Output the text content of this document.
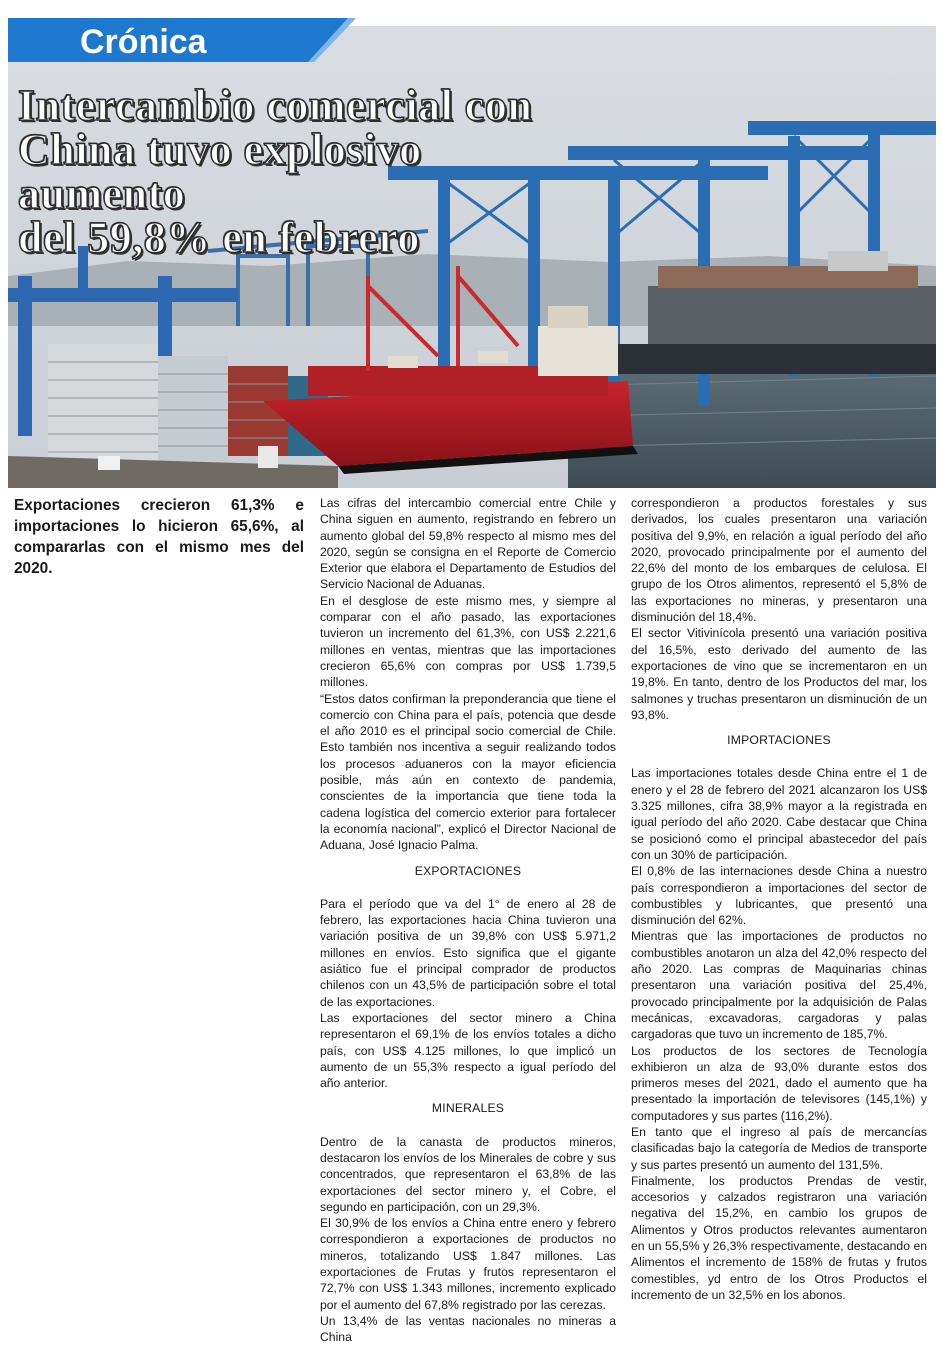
Crónica
Intercambio comercial con
China tuvo explosivo aumento
del 59,8% en febrero

Exportaciones crecieron 61,3% e importaciones lo hicieron 65,6%, al compararlas con el mismo mes del 2020.

Las cifras del intercambio comercial entre Chile y China siguen en aumento, registrando en febrero un aumento global del 59,8% respecto al mismo mes del 2020, según se consigna en el Reporte de Comercio Exterior que elabora el Departamento de Estudios del Servicio Nacional de Aduanas.

En el desglose de este mismo mes, y siempre al comparar con el año pasado, las exportaciones tuvieron un incremento del 61,3%, con US$ 2.221,6 millones en ventas, mientras que las importaciones crecieron 65,6% con compras por US$ 1.739,5 millones.

“Estos datos confirman la preponderancia que tiene el comercio con China para el país, potencia que desde el año 2010 es el principal socio comercial de Chile. Esto también nos incentiva a seguir realizando todos los procesos aduaneros con la mayor eficiencia posible, más aún en contexto de pandemia, conscientes de la importancia que tiene toda la cadena logística del comercio exterior para fortalecer la economía nacional”, explicó el Director Nacional de Aduana, José Ignacio Palma.

EXPORTACIONES

Para el período que va del 1° de enero al 28 de febrero, las exportaciones hacia China tuvieron una variación positiva de un 39,8% con US$ 5.971,2 millones en envíos. Esto significa que el gigante asiático fue el principal comprador de productos chilenos con un 43,5% de participación sobre el total de las exportaciones.

Las exportaciones del sector minero a China representaron el 69,1% de los envíos totales a dicho país, con US$ 4.125 millones, lo que implicó un aumento de un 55,3% respecto a igual período del año anterior.

MINERALES

Dentro de la canasta de productos mineros, destacaron los envíos de los Minerales de cobre y sus concentrados, que representaron el 63,8% de las exportaciones del sector minero y, el Cobre, el segundo en participación, con un 29,3%.

El 30,9% de los envíos a China entre enero y febrero correspondieron a exportaciones de productos no mineros, totalizando US$ 1.847 millones. Las exportaciones de Frutas y frutos representaron el 72,7% con US$ 1.343 millones, incremento explicado por el aumento del 67,8% registrado por las cerezas.

Un 13,4% de las ventas nacionales no mineras a China

correspondieron a productos forestales y sus derivados, los cuales presentaron una variación positiva del 9,9%, en relación a igual período del año 2020, provocado principalmente por el aumento del 22,6% del monto de los embarques de celulosa. El grupo de los Otros alimentos, representó el 5,8% de las exportaciones no mineras, y presentaron una disminución del 18,4%.

El sector Vitivinícola presentó una variación positiva del 16,5%, esto derivado del aumento de las exportaciones de vino que se incrementaron en un 19,8%. En tanto, dentro de los Productos del mar, los salmones y truchas presentaron un disminución de un 93,8%.

IMPORTACIONES

Las importaciones totales desde China entre el 1 de enero y el 28 de febrero del 2021 alcanzaron los US$ 3.325 millones, cifra 38,9% mayor a la registrada en igual período del año 2020. Cabe destacar que China se posicionó como el principal abastecedor del país con un 30% de participación.

El 0,8% de las internaciones desde China a nuestro país correspondieron a importaciones del sector de combustibles y lubricantes, que presentó una disminución del 62%.

Mientras que las importaciones de productos no combustibles anotaron un alza del 42,0% respecto del año 2020. Las compras de Maquinarias chinas presentaron una variación positiva del 25,4%, provocado principalmente por la adquisición de Palas mecánicas, excavadoras, cargadoras y palas cargadoras que tuvo un incremento de 185,7%.

Los productos de los sectores de Tecnología exhibieron un alza de 93,0% durante estos dos primeros meses del 2021, dado el aumento que ha presentado la importación de televisores (145,1%) y computadores y sus partes (116,2%).

En tanto que el ingreso al país de mercancías clasificadas bajo la categoría de Medios de transporte y sus partes presentó un aumento del 131,5%.

Finalmente, los productos Prendas de vestir, accesorios y calzados registraron una variación negativa del 15,2%, en cambio los grupos de Alimentos y Otros productos relevantes aumentaron en un 55,5% y 26,3% respectivamente, destacando en Alimentos el incremento de 158% de frutas y frutos comestibles, yd entro de los Otros Productos el incremento de un 32,5% en los abonos.
